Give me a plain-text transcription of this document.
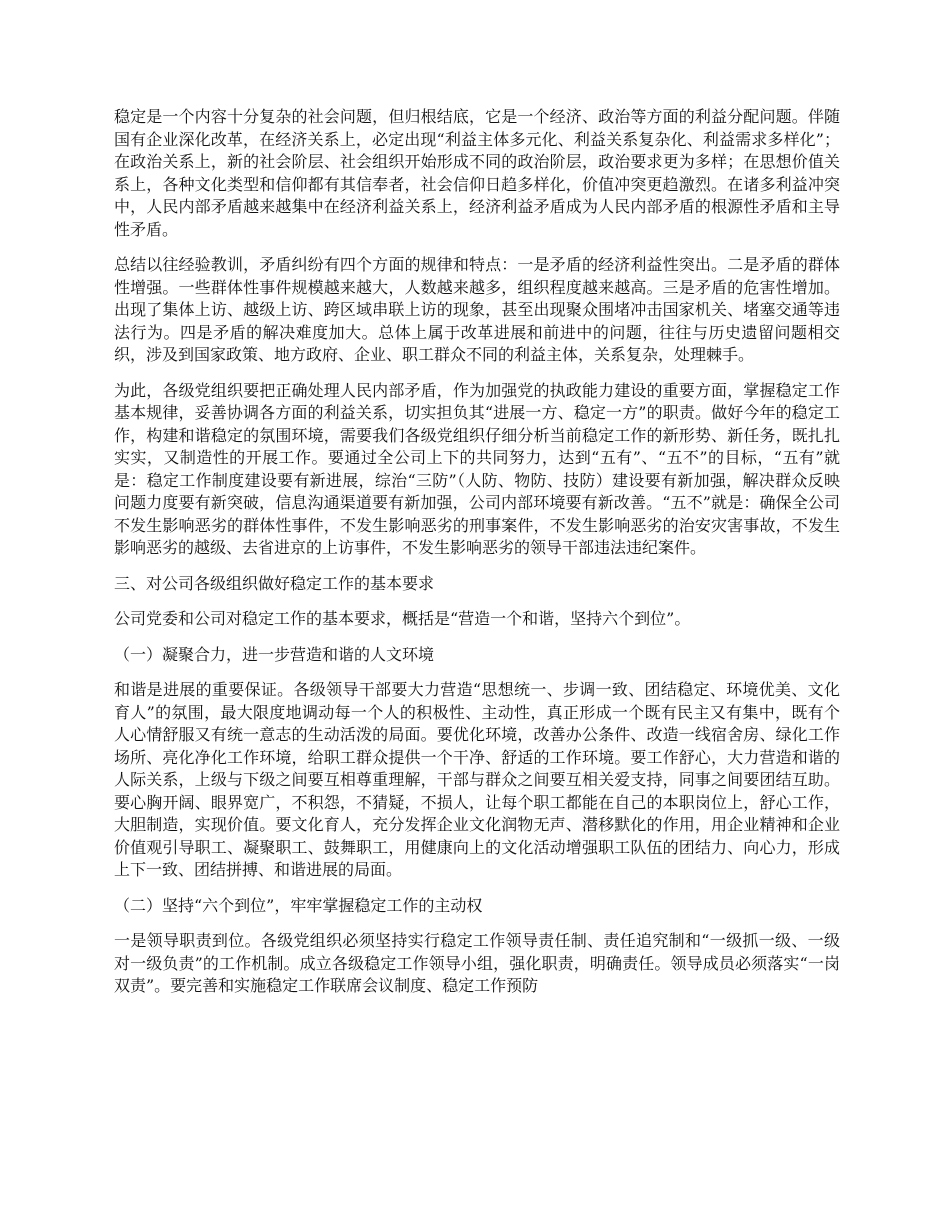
稳定是一个内容十分复杂的社会问题，但归根结底，它是一个经济、政治等方面的利益分配问题。伴随国有企业深化改革，在经济关系上，必定出现“利益主体多元化、利益关系复杂化、利益需求多样化”；在政治关系上，新的社会阶层、社会组织开始形成不同的政治阶层，政治要求更为多样；在思想价值关系上，各种文化类型和信仰都有其信奉者，社会信仰日趋多样化，价值冲突更趋激烈。在诸多利益冲突中，人民内部矛盾越来越集中在经济利益关系上，经济利益矛盾成为人民内部矛盾的根源性矛盾和主导性矛盾。

总结以往经验教训，矛盾纠纷有四个方面的规律和特点：一是矛盾的经济利益性突出。二是矛盾的群体性增强。一些群体性事件规模越来越大，人数越来越多，组织程度越来越高。三是矛盾的危害性增加。出现了集体上访、越级上访、跨区域串联上访的现象，甚至出现聚众围堵冲击国家机关、堵塞交通等违法行为。四是矛盾的解决难度加大。总体上属于改革进展和前进中的问题，往往与历史遗留问题相交织，涉及到国家政策、地方政府、企业、职工群众不同的利益主体，关系复杂，处理棘手。

为此，各级党组织要把正确处理人民内部矛盾，作为加强党的执政能力建设的重要方面，掌握稳定工作基本规律，妥善协调各方面的利益关系，切实担负其“进展一方、稳定一方”的职责。做好今年的稳定工作，构建和谐稳定的氛围环境，需要我们各级党组织仔细分析当前稳定工作的新形势、新任务，既扎扎实实，又制造性的开展工作。要通过全公司上下的共同努力，达到“五有”、“五不”的目标，“五有”就是：稳定工作制度建设要有新进展，综治“三防”（人防、物防、技防）建设要有新加强，解决群众反映问题力度要有新突破，信息沟通渠道要有新加强，公司内部环境要有新改善。“五不”就是：确保全公司不发生影响恶劣的群体性事件，不发生影响恶劣的刑事案件，不发生影响恶劣的治安灾害事故，不发生影响恶劣的越级、去省进京的上访事件，不发生影响恶劣的领导干部违法违纪案件。

三、对公司各级组织做好稳定工作的基本要求

公司党委和公司对稳定工作的基本要求，概括是“营造一个和谐，坚持六个到位”。

（一）凝聚合力，进一步营造和谐的人文环境

和谐是进展的重要保证。各级领导干部要大力营造“思想统一、步调一致、团结稳定、环境优美、文化育人”的氛围，最大限度地调动每一个人的积极性、主动性，真正形成一个既有民主又有集中，既有个人心情舒服又有统一意志的生动活泼的局面。要优化环境，改善办公条件、改造一线宿舍房、绿化工作场所、亮化净化工作环境，给职工群众提供一个干净、舒适的工作环境。要工作舒心，大力营造和谐的人际关系，上级与下级之间要互相尊重理解，干部与群众之间要互相关爱支持，同事之间要团结互助。要心胸开阔、眼界宽广，不积怨，不猜疑，不损人，让每个职工都能在自己的本职岗位上，舒心工作，大胆制造，实现价值。要文化育人，充分发挥企业文化润物无声、潜移默化的作用，用企业精神和企业价值观引导职工、凝聚职工、鼓舞职工，用健康向上的文化活动增强职工队伍的团结力、向心力，形成上下一致、团结拼搏、和谐进展的局面。

（二）坚持“六个到位”，牢牢掌握稳定工作的主动权

一是领导职责到位。各级党组织必须坚持实行稳定工作领导责任制、责任追究制和“一级抓一级、一级对一级负责”的工作机制。成立各级稳定工作领导小组，强化职责，明确责任。领导成员必须落实“一岗双责”。要完善和实施稳定工作联席会议制度、稳定工作预防
